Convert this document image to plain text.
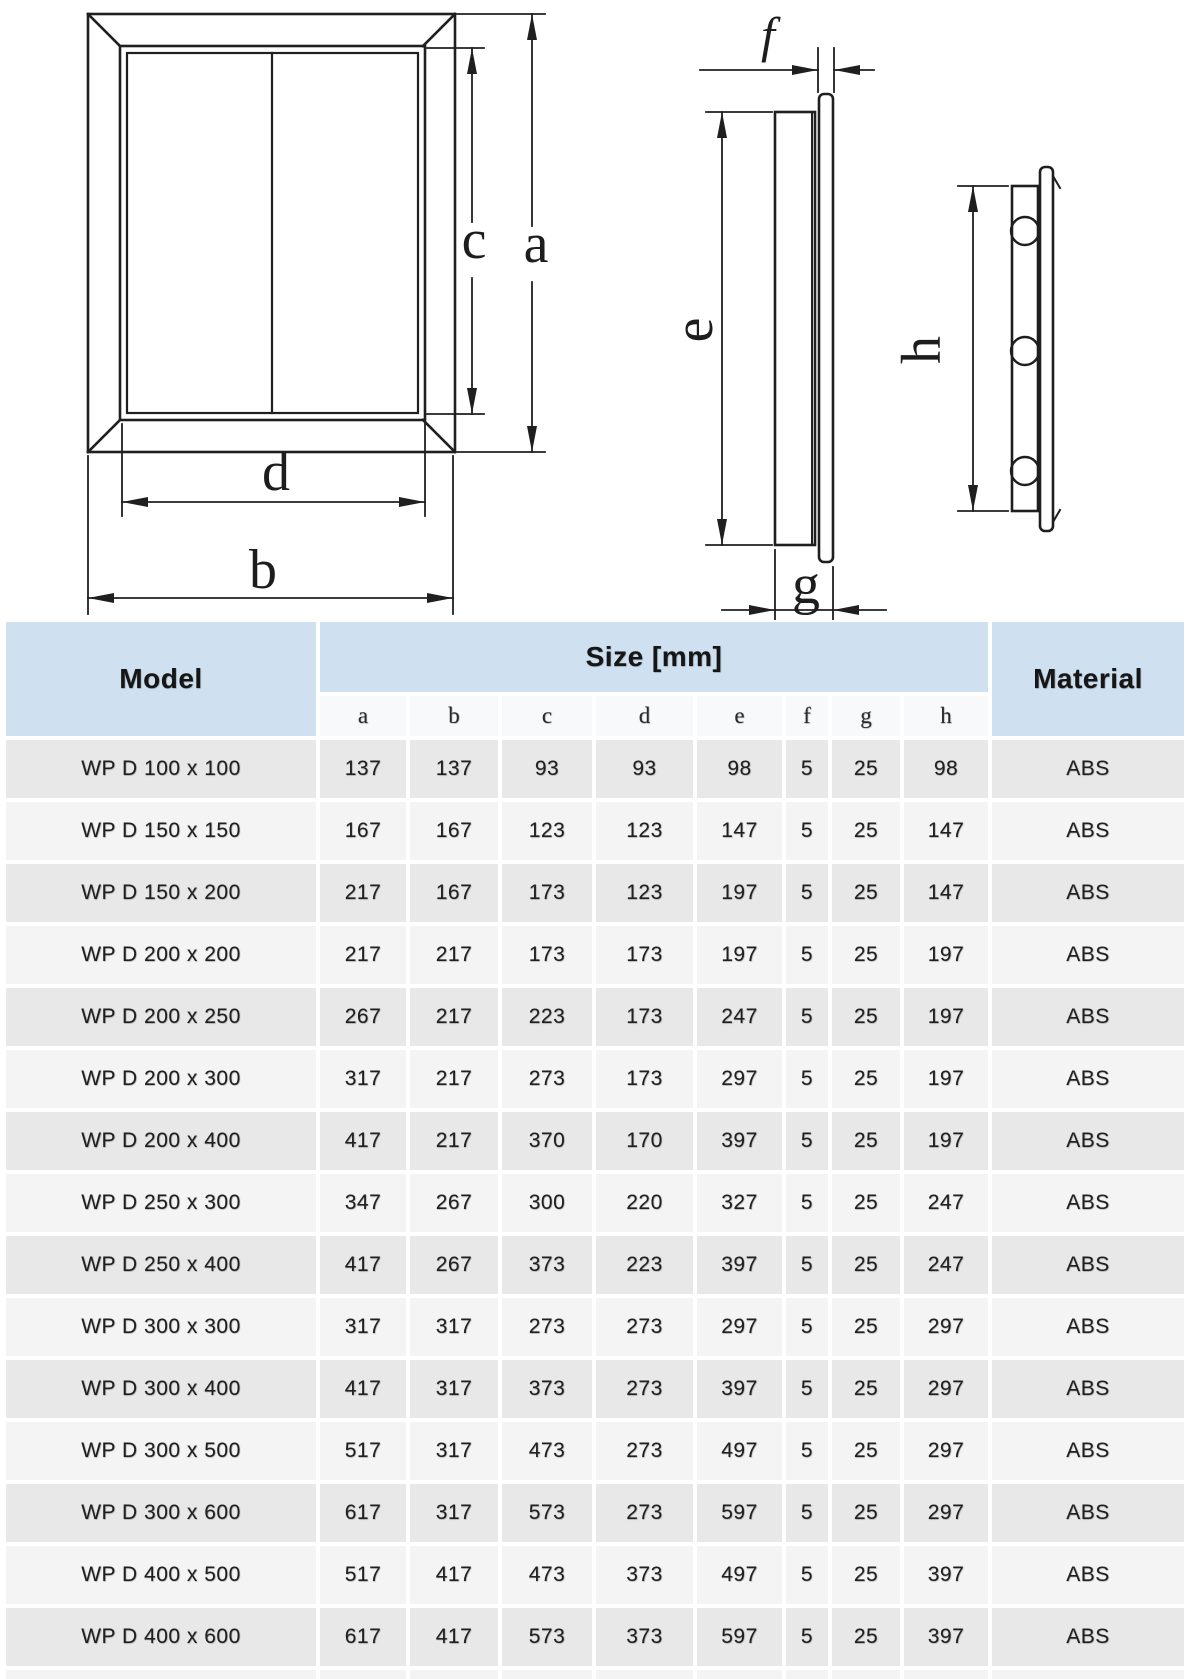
c a
d
b
f
e
g
h
Model	Size [mm]								Material
	a	b	c	d	e	f	g	h	
WP D 100 x 100	137	137	93	93	98	5	25	98	ABS
WP D 150 x 150	167	167	123	123	147	5	25	147	ABS
WP D 150 x 200	217	167	173	123	197	5	25	147	ABS
WP D 200 x 200	217	217	173	173	197	5	25	197	ABS
WP D 200 x 250	267	217	223	173	247	5	25	197	ABS
WP D 200 x 300	317	217	273	173	297	5	25	197	ABS
WP D 200 x 400	417	217	370	170	397	5	25	197	ABS
WP D 250 x 300	347	267	300	220	327	5	25	247	ABS
WP D 250 x 400	417	267	373	223	397	5	25	247	ABS
WP D 300 x 300	317	317	273	273	297	5	25	297	ABS
WP D 300 x 400	417	317	373	273	397	5	25	297	ABS
WP D 300 x 500	517	317	473	273	497	5	25	297	ABS
WP D 300 x 600	617	317	573	273	597	5	25	297	ABS
WP D 400 x 500	517	417	473	373	497	5	25	397	ABS
WP D 400 x 600	617	417	573	373	597	5	25	397	ABS
